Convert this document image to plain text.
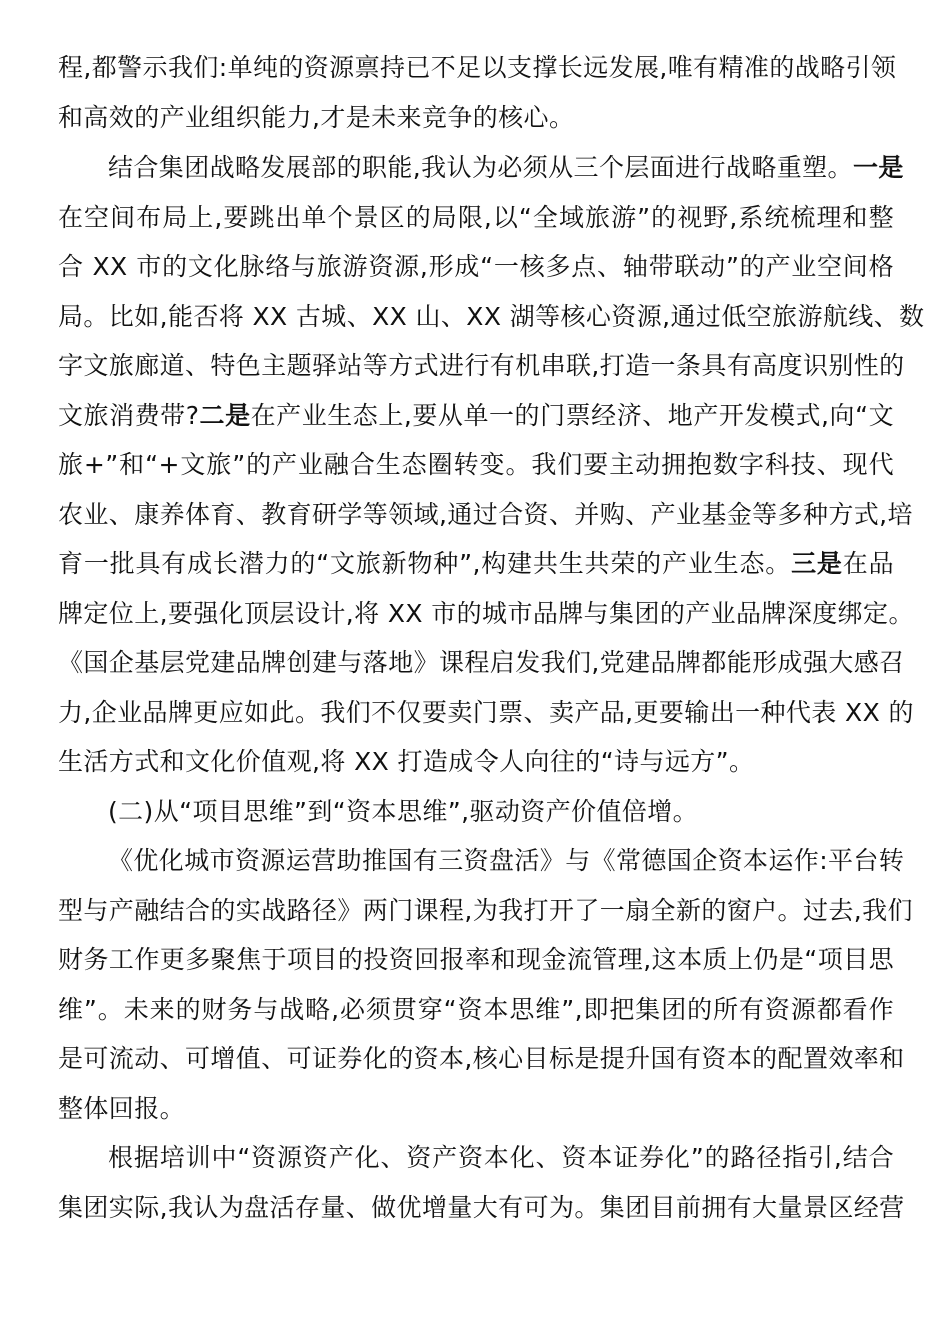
程,都警示我们:单纯的资源禀持已不足以支撑长远发展,唯有精准的战略引领
和高效的产业组织能力,才是未来竞争的核心。
结合集团战略发展部的职能,我认为必须从三个层面进行战略重塑。一是
在空间布局上,要跳出单个景区的局限,以“全域旅游”的视野,系统梳理和整
合 XX 市的文化脉络与旅游资源,形成“一核多点、轴带联动”的产业空间格
局。比如,能否将 XX 古城、XX 山、XX 湖等核心资源,通过低空旅游航线、数
字文旅廊道、特色主题驿站等方式进行有机串联,打造一条具有高度识别性的
文旅消费带?二是在产业生态上,要从单一的门票经济、地产开发模式,向“文
旅+”和“+文旅”的产业融合生态圈转变。我们要主动拥抱数字科技、现代
农业、康养体育、教育研学等领域,通过合资、并购、产业基金等多种方式,培
育一批具有成长潜力的“文旅新物种”,构建共生共荣的产业生态。三是在品
牌定位上,要强化顶层设计,将 XX 市的城市品牌与集团的产业品牌深度绑定。
《国企基层党建品牌创建与落地》课程启发我们,党建品牌都能形成强大感召
力,企业品牌更应如此。我们不仅要卖门票、卖产品,更要输出一种代表 XX 的
生活方式和文化价值观,将 XX 打造成令人向往的“诗与远方”。
(二)从“项目思维”到“资本思维”,驱动资产价值倍增。
《优化城市资源运营助推国有三资盘活》与《常德国企资本运作:平台转
型与产融结合的实战路径》两门课程,为我打开了一扇全新的窗户。过去,我们
财务工作更多聚焦于项目的投资回报率和现金流管理,这本质上仍是“项目思
维”。未来的财务与战略,必须贯穿“资本思维”,即把集团的所有资源都看作
是可流动、可增值、可证券化的资本,核心目标是提升国有资本的配置效率和
整体回报。
根据培训中“资源资产化、资产资本化、资本证券化”的路径指引,结合
集团实际,我认为盘活存量、做优增量大有可为。集团目前拥有大量景区经营
